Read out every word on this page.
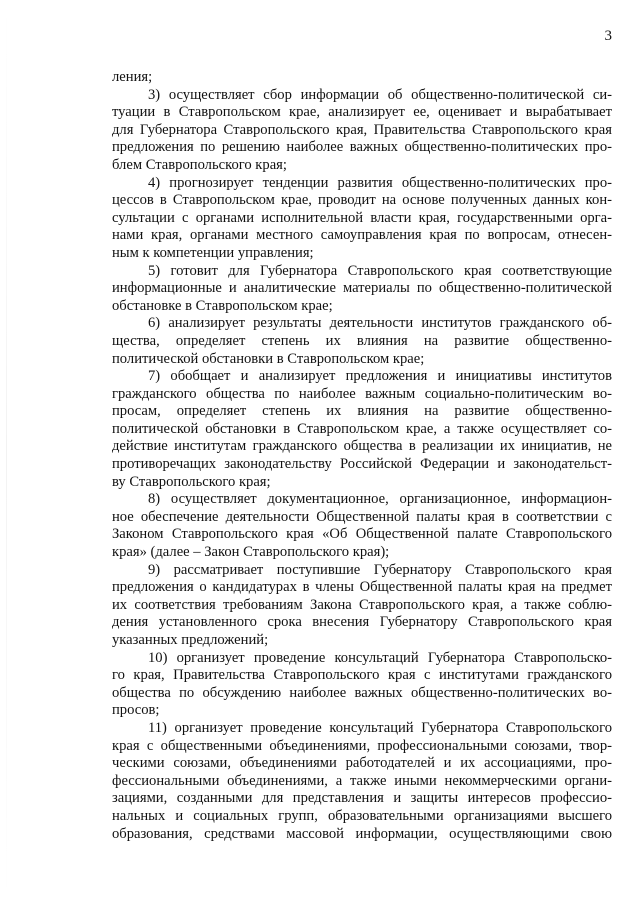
3
ления;
3) осуществляет сбор информации об общественно-политической си-
туации в Ставропольском крае, анализирует ее, оценивает и вырабатывает
для Губернатора Ставропольского края, Правительства Ставропольского края
предложения по решению наиболее важных общественно-политических про-
блем Ставропольского края;
4) прогнозирует тенденции развития общественно-политических про-
цессов в Ставропольском крае, проводит на основе полученных данных кон-
сультации с органами исполнительной власти края, государственными орга-
нами края, органами местного самоуправления края по вопросам, отнесен-
ным к компетенции управления;
5) готовит для Губернатора Ставропольского края соответствующие
информационные и аналитические материалы по общественно-политической
обстановке в Ставропольском крае;
6) анализирует результаты деятельности институтов гражданского об-
щества, определяет степень их влияния на развитие общественно-
политической обстановки в Ставропольском крае;
7) обобщает и анализирует предложения и инициативы институтов
гражданского общества по наиболее важным социально-политическим во-
просам, определяет степень их влияния на развитие общественно-
политической обстановки в Ставропольском крае, а также осуществляет со-
действие институтам гражданского общества в реализации их инициатив, не
противоречащих законодательству Российской Федерации и законодательст-
ву Ставропольского края;
8) осуществляет документационное, организационное, информацион-
ное обеспечение деятельности Общественной палаты края в соответствии с
Законом Ставропольского края «Об Общественной палате Ставропольского
края» (далее – Закон Ставропольского края);
9) рассматривает поступившие Губернатору Ставропольского края
предложения о кандидатурах в члены Общественной палаты края на предмет
их соответствия требованиям Закона Ставропольского края, а также соблю-
дения установленного срока внесения Губернатору Ставропольского края
указанных предложений;
10) организует проведение консультаций Губернатора Ставропольско-
го края, Правительства Ставропольского края с институтами гражданского
общества по обсуждению наиболее важных общественно-политических во-
просов;
11) организует проведение консультаций Губернатора Ставропольского
края с общественными объединениями, профессиональными союзами, твор-
ческими союзами, объединениями работодателей и их ассоциациями, про-
фессиональными объединениями, а также иными некоммерческими органи-
зациями, созданными для представления и защиты интересов профессио-
нальных и социальных групп, образовательными организациями высшего
образования, средствами массовой информации, осуществляющими свою
